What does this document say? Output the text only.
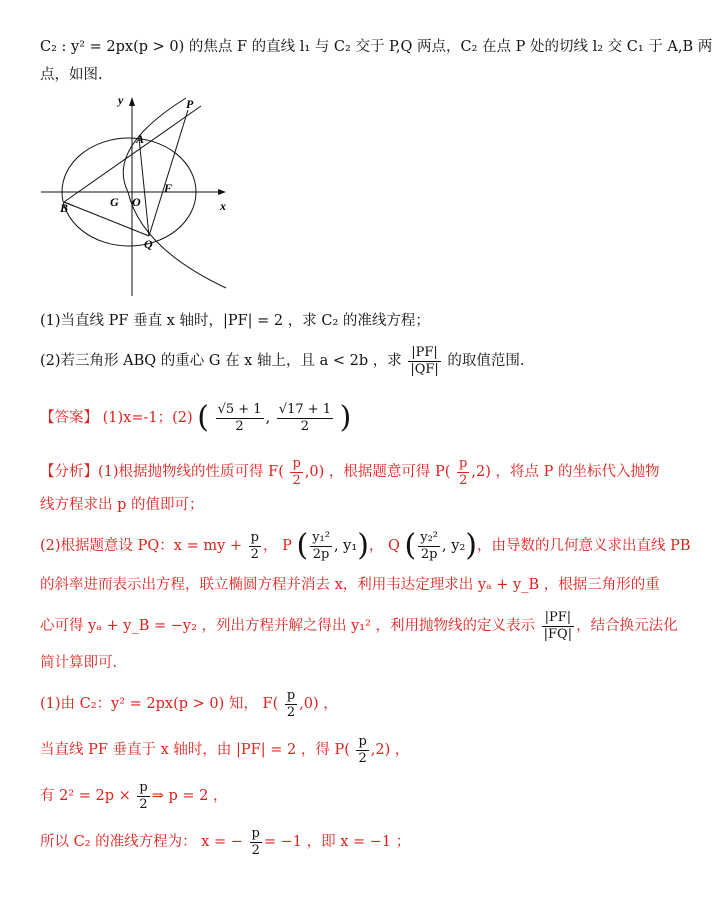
C₂ : y² = 2px(p > 0) 的焦点 F 的直线 l₁ 与 C₂ 交于 P,Q 两点，C₂ 在点 P 处的切线 l₂ 交 C₁ 于 A,B 两
点，如图.
y
x
P
A
F
B	G O
Q
(1)当直线 PF 垂直 x 轴时，|PF| = 2 ，求 C₂ 的准线方程；
(2)若三角形 ABQ 的重心 G 在 x 轴上，且 a < 2b ，求 $\frac{|PF|}{|QF|}$ 的取值范围.
【答案】 (1)x=-1；(2) ( $\frac{√5 + 1}{2}$ , $\frac{√17 + 1}{2}$ )
【分析】(1)根据抛物线的性质可得 $F( \frac{p}{2} ,0)$ ，根据题意可得 $P( \frac{p}{2} ,2)$ ，将点 P 的坐标代入抛物
线方程求出 p 的值即可；
(2)根据题意设 PQ：x = my + $\frac{p}{2}$ ， P ( $\frac{\text{y₁²}}{2p}$ , y₁)， Q ( $\frac{\text{y₂²}}{2p}$ , y₂)，由导数的几何意义求出直线 PB
的斜率进而表示出方程，联立椭圆方程并消去 x，利用韦达定理求出 yₐ + y_B ，根据三角形的重
心可得 yₐ + y_B = −y₂ ，列出方程并解之得出 y₁² ，利用抛物线的定义表示 $\frac{|PF|}{|FQ|}$ ，结合换元法化
简计算即可.
(1)由 C₂：y² = 2px(p > 0) 知， $F( \frac{p}{2} ,0)$ ，
当直线 PF 垂直于 x 轴时，由 |PF| = 2 ，得 $P( \frac{p}{2} ,2)$ ，
有 $2^2 = 2p \times \frac{p}{2}$ ⇒ p = 2 ，
所以 C₂ 的准线方程为： x = − $\frac{p}{2} = -1$ ，即 x = −1 ；
